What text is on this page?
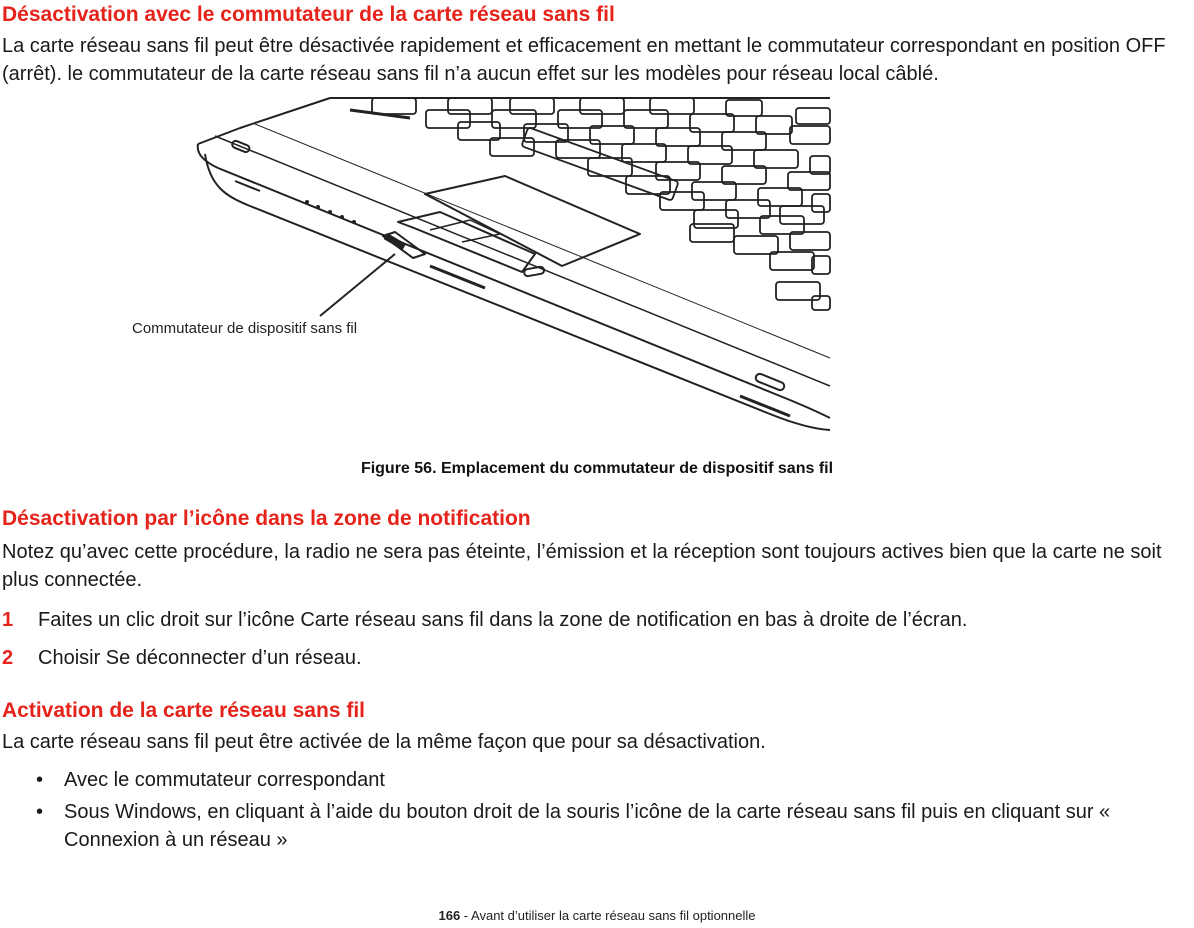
Désactivation avec le commutateur de la carte réseau sans fil

La carte réseau sans fil peut être désactivée rapidement et efficacement en mettant le commutateur correspondant en position OFF (arrêt). le commutateur de la carte réseau sans fil n’a aucun effet sur les modèles pour réseau local câblé.

Commutateur de dispositif sans fil
Figure 56. Emplacement du commutateur de dispositif sans fil
Désactivation par l’icône dans la zone de notification

Notez qu’avec cette procédure, la radio ne sera pas éteinte, l’émission et la réception sont toujours actives bien que la carte ne soit plus connectée.

1 Faites un clic droit sur l’icône Carte réseau sans fil dans la zone de notification en bas à droite de l’écran.
2 Choisir Se déconnecter d’un réseau.
Activation de la carte réseau sans fil

La carte réseau sans fil peut être activée de la même façon que pour sa désactivation.

• Avec le commutateur correspondant
• Sous Windows, en cliquant à l’aide du bouton droit de la souris l’icône de la carte réseau sans fil puis en cliquant sur « Connexion à un réseau »
166 - Avant d’utiliser la carte réseau sans fil optionnelle
